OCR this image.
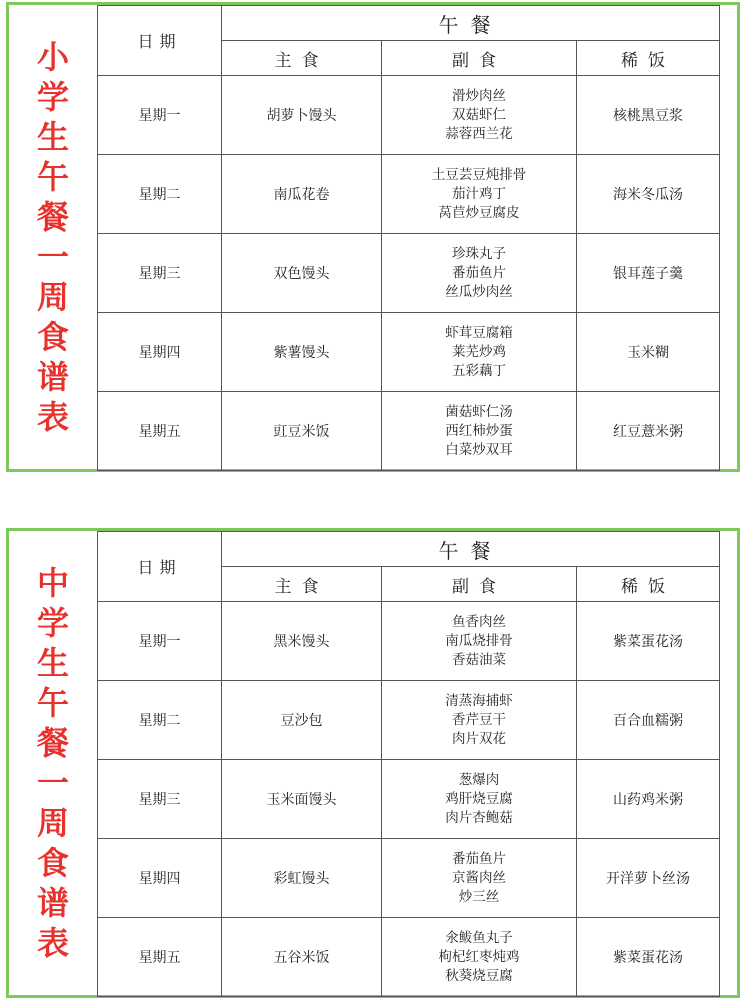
小
学
生
午
餐
一
周
食
谱
表
日期	午餐		
	主食	副食	稀饭
星期一	胡萝卜馒头	滑炒肉丝
双菇虾仁
蒜蓉西兰花	核桃黑豆浆
星期二	南瓜花卷	土豆芸豆炖排骨
茄汁鸡丁
莴苣炒豆腐皮	海米冬瓜汤
星期三	双色馒头	珍珠丸子
番茄鱼片
丝瓜炒肉丝	银耳莲子羹
星期四	紫薯馒头	虾茸豆腐箱
莱芜炒鸡
五彩藕丁	玉米糊
星期五	豇豆米饭	菌菇虾仁汤
西红柿炒蛋
白菜炒双耳	红豆薏米粥
中
学
生
午
餐
一
周
食
谱
表
日期	午餐		
	主食	副食	稀饭
星期一	黑米馒头	鱼香肉丝
南瓜烧排骨
香菇油菜	紫菜蛋花汤
星期二	豆沙包	清蒸海捕虾
香芹豆干
肉片双花	百合血糯粥
星期三	玉米面馒头	葱爆肉
鸡肝烧豆腐
肉片杏鲍菇	山药鸡米粥
星期四	彩虹馒头	番茄鱼片
京酱肉丝
炒三丝	开洋萝卜丝汤
星期五	五谷米饭	氽鲅鱼丸子
枸杞红枣炖鸡
秋葵烧豆腐	紫菜蛋花汤
